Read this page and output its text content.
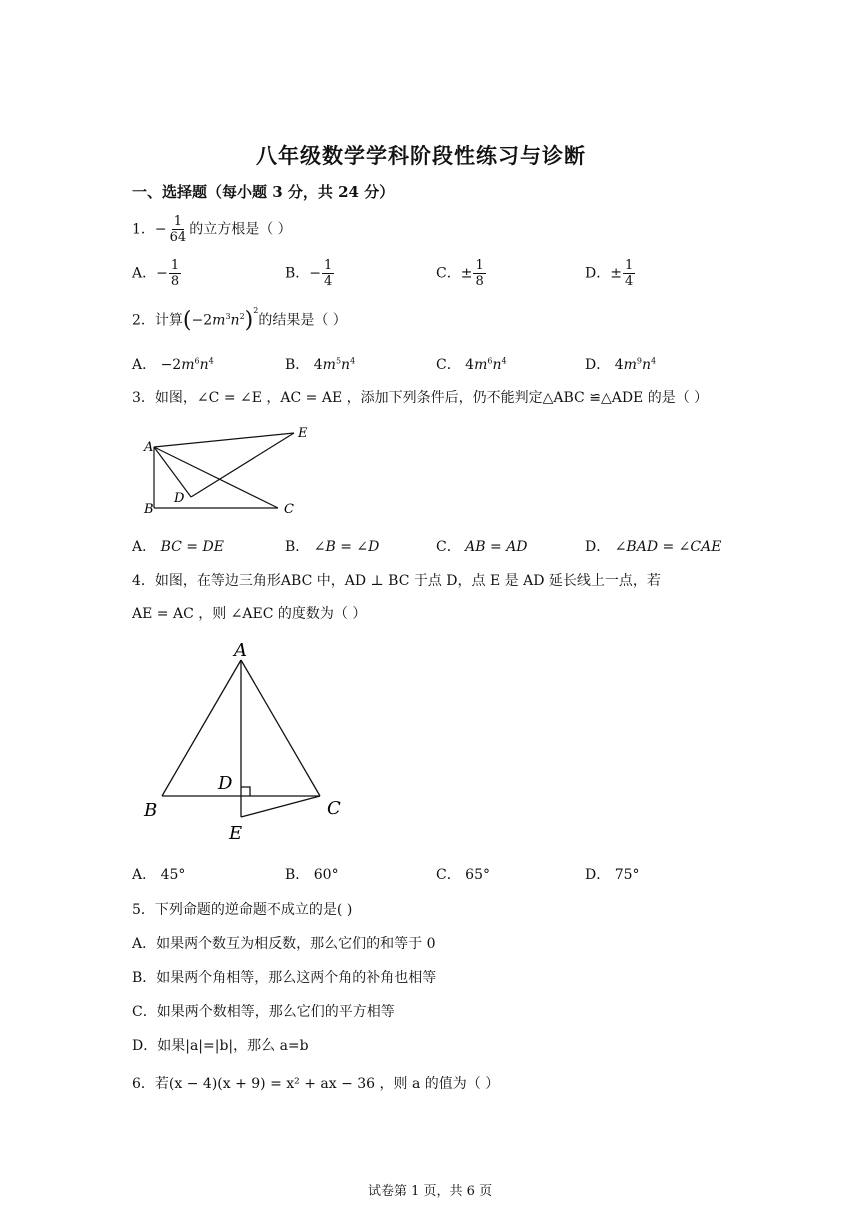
八年级数学学科阶段性练习与诊断
一、选择题（每小题 3 分，共 24 分）
1．− $\frac{1}{64}$ 的立方根是（ ）
A．− $\frac{1}{8}$	B．− $\frac{1}{4}$	C．± $\frac{1}{8}$	D．± $\frac{1}{4}$
2．计算$(-2m^3n^2)^2$的结果是（ ）
A． $-2m^6n^4$	B． $4m^5n^4$	C． $4m^6n^4$	D． $4m^9n^4$
3．如图，∠C = ∠E ，AC = AE ，添加下列条件后，仍不能判定△ABC ≌△ADE 的是（ ）
A
B	C
D
E
A． BC = DE	B． ∠B = ∠D	C． AB = AD	D． ∠BAD = ∠CAE
4．如图，在等边三角形ABC 中，AD ⊥ BC 于点 D，点 E 是 AD 延长线上一点，若
AE = AC ，则 ∠AEC 的度数为（ ）
A
B	C
D
E
A． 45°	B． 60°	C． 65°	D． 75°
5．下列命题的逆命题不成立的是( )
A．如果两个数互为相反数，那么它们的和等于 0
B．如果两个角相等，那么这两个角的补角也相等
C．如果两个数相等，那么它们的平方相等
D．如果|a|=|b|，那么 a=b
6．若(x − 4)(x + 9) = x² + ax − 36 ，则 a 的值为（ ）
试卷第 1 页，共 6 页
